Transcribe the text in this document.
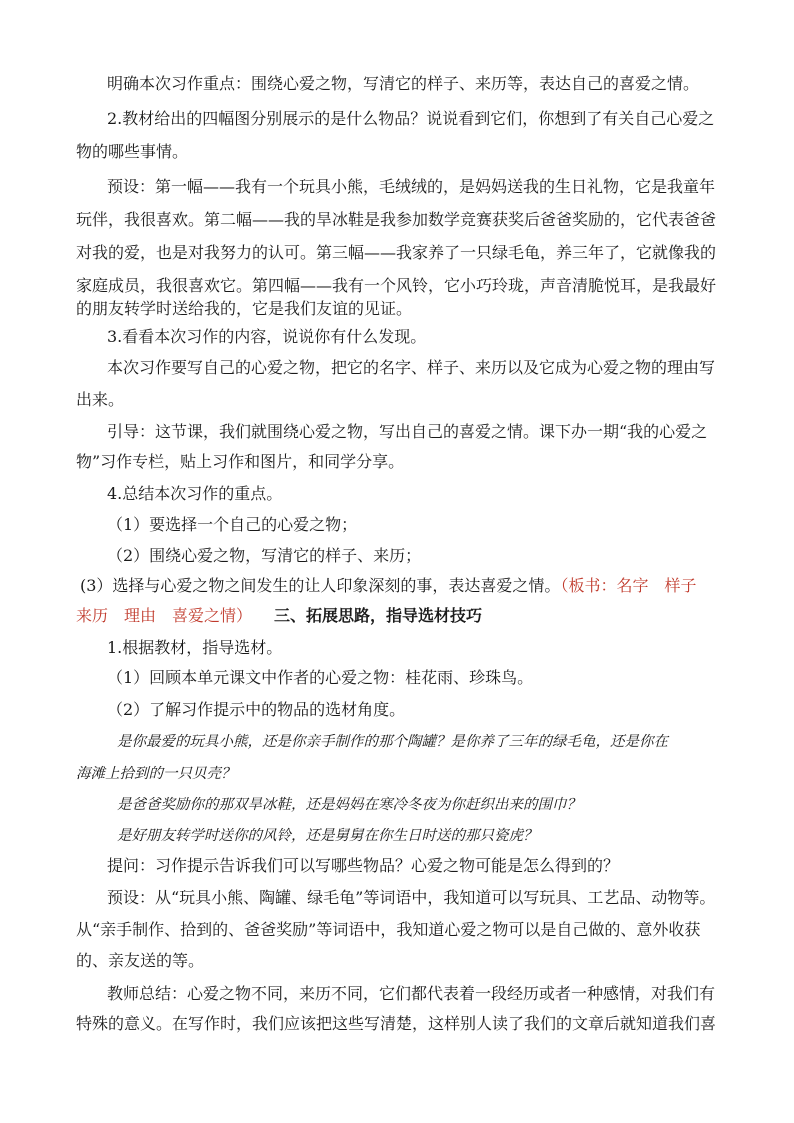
明确本次习作重点：围绕心爱之物，写清它的样子、来历等，表达自己的喜爱之情。
2.教材给出的四幅图分别展示的是什么物品？说说看到它们，你想到了有关自己心爱之
物的哪些事情。
预设：第一幅——我有一个玩具小熊，毛绒绒的，是妈妈送我的生日礼物，它是我童年
玩伴，我很喜欢。第二幅——我的旱冰鞋是我参加数学竞赛获奖后爸爸奖励的，它代表爸爸
对我的爱，也是对我努力的认可。第三幅——我家养了一只绿毛龟，养三年了，它就像我的
家庭成员，我很喜欢它。第四幅——我有一个风铃，它小巧玲珑，声音清脆悦耳，是我最好
的朋友转学时送给我的，它是我们友谊的见证。
3.看看本次习作的内容，说说你有什么发现。
本次习作要写自己的心爱之物，把它的名字、样子、来历以及它成为心爱之物的理由写
出来。
引导：这节课，我们就围绕心爱之物，写出自己的喜爱之情。课下办一期“我的心爱之
物”习作专栏，贴上习作和图片，和同学分享。
4.总结本次习作的重点。
（1）要选择一个自己的心爱之物；
（2）围绕心爱之物，写清它的样子、来历；
(3）选择与心爱之物之间发生的让人印象深刻的事，表达喜爱之情。（板书：名字　样子
来历　理由　喜爱之情） 三、拓展思路，指导选材技巧
1.根据教材，指导选材。
（1）回顾本单元课文中作者的心爱之物：桂花雨、珍珠鸟。
（2）了解习作提示中的物品的选材角度。
是你最爱的玩具小熊，还是你亲手制作的那个陶罐？是你养了三年的绿毛龟，还是你在
海滩上拾到的一只贝壳？
是爸爸奖励你的那双旱冰鞋，还是妈妈在寒冷冬夜为你赶织出来的围巾？
是好朋友转学时送你的风铃，还是舅舅在你生日时送的那只瓷虎？
提问：习作提示告诉我们可以写哪些物品？心爱之物可能是怎么得到的？
预设：从“玩具小熊、陶罐、绿毛龟”等词语中，我知道可以写玩具、工艺品、动物等。
从“亲手制作、拾到的、爸爸奖励”等词语中，我知道心爱之物可以是自己做的、意外收获
的、亲友送的等。
教师总结：心爱之物不同，来历不同，它们都代表着一段经历或者一种感情，对我们有
特殊的意义。在写作时，我们应该把这些写清楚，这样别人读了我们的文章后就知道我们喜
